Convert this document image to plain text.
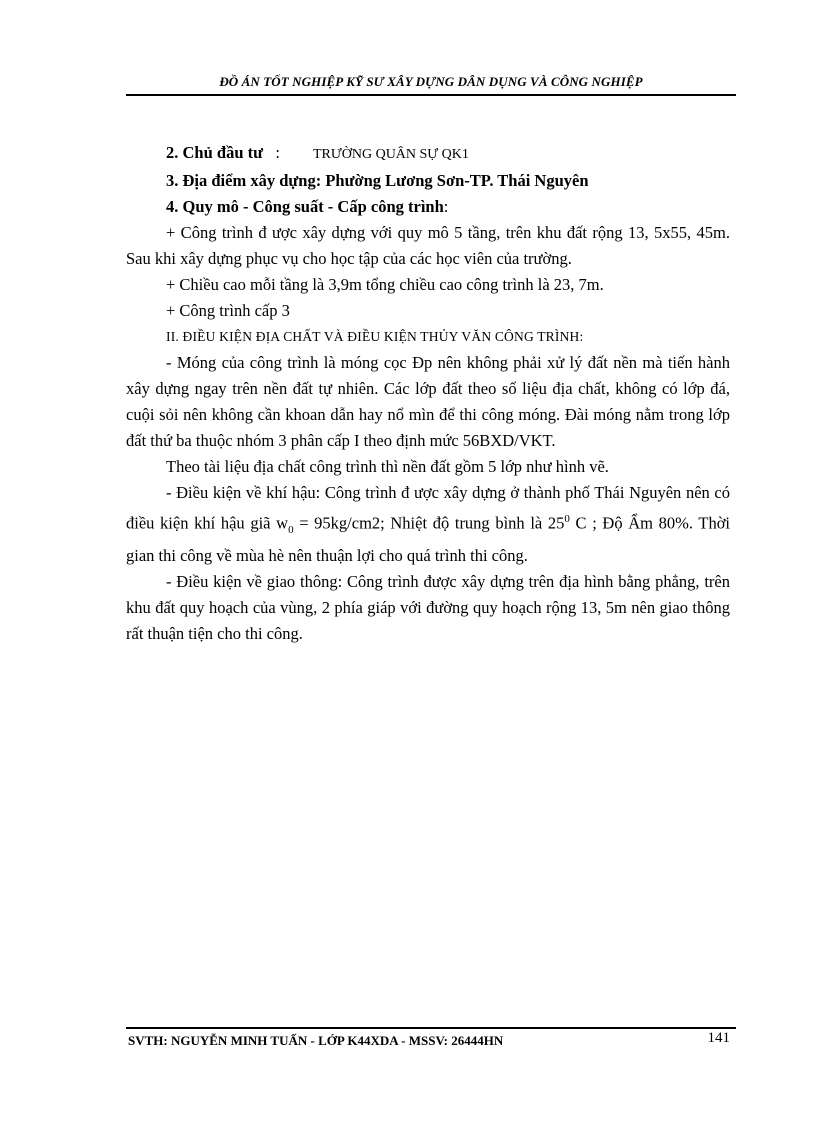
ĐỒ ÁN TỐT NGHIỆP KỸ SƯ XÂY DỰNG DÂN DỤNG VÀ CÔNG NGHIỆP

2. Chủ đầu tư : TRƯỜNG QUÂN SỰ QK1

3. Địa điểm xây dựng: Phường Lương Sơn-TP. Thái Nguyên

4. Quy mô - Công suất - Cấp công trình:

+ Công trình đ ược xây dựng với quy mô 5 tầng, trên khu đất rộng 13, 5x55, 45m. Sau khi xây dựng phục vụ cho học tập của các học viên của trường.

+ Chiều cao mỗi tầng là 3,9m tổng chiều cao công trình là 23, 7m.

+ Công trình cấp 3

II. ĐIỀU KIỆN ĐỊA CHẤT VÀ ĐIỀU KIỆN THỦY VĂN CÔNG TRÌNH:

- Móng của công trình là móng cọc Đp nên không phải xử lý đất nền mà tiến hành xây dựng ngay trên nền đất tự nhiên. Các lớp đất theo số liệu địa chất, không có lớp đá, cuội sỏi nên không cần khoan dẫn hay nổ mìn để thi công móng. Đài móng nằm trong lớp đất thứ ba thuộc nhóm 3 phân cấp I theo định mức 56BXD/VKT.

Theo tài liệu địa chất công trình thì nền đất gồm 5 lớp như hình vẽ.

- Điều kiện về khí hậu: Công trình đ ược xây dựng ở thành phố Thái Nguyên nên có điều kiện khí hậu giã $w_0 = 95kg/cm2$; Nhiệt độ trung bình là $25^0$ C ; Độ Ẩm 80%. Thời gian thi công về mùa hè nên thuận lợi cho quá trình thi công.

- Điều kiện về giao thông: Công trình được xây dựng trên địa hình bằng phẳng, trên khu đất quy hoạch của vùng, 2 phía giáp với đường quy hoạch rộng 13, 5m nên giao thông rất thuận tiện cho thi công.

SVTH: NGUYỄN MINH TUẤN - LỚP K44XDA - MSSV: 26444HN	141
